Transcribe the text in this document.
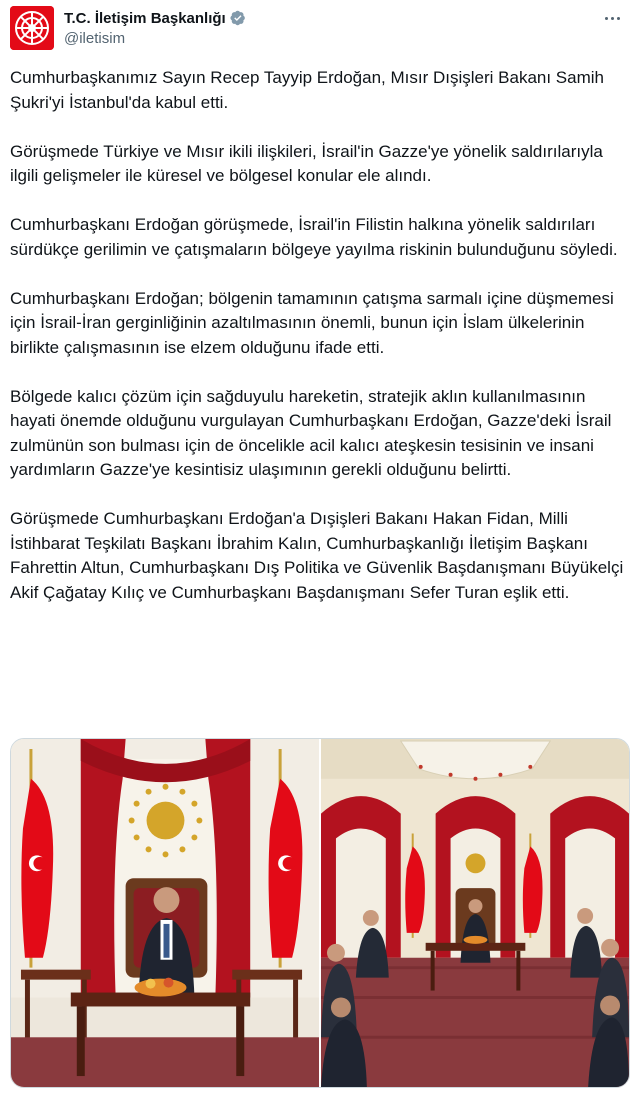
T.C. İletişim Başkanlığı
@iletisim

Cumhurbaşkanımız Sayın Recep Tayyip Erdoğan, Mısır Dışişleri Bakanı Samih Şukri'yi İstanbul'da kabul etti.

Görüşmede Türkiye ve Mısır ikili ilişkileri, İsrail'in Gazze'ye yönelik saldırılarıyla ilgili gelişmeler ile küresel ve bölgesel konular ele alındı.

Cumhurbaşkanı Erdoğan görüşmede, İsrail'in Filistin halkına yönelik saldırıları sürdükçe gerilimin ve çatışmaların bölgeye yayılma riskinin bulunduğunu söyledi.

Cumhurbaşkanı Erdoğan; bölgenin tamamının çatışma sarmalı içine düşmemesi için İsrail-İran gerginliğinin azaltılmasının önemli, bunun için İslam ülkelerinin birlikte çalışmasının ise elzem olduğunu ifade etti.

Bölgede kalıcı çözüm için sağduyulu hareketin, stratejik aklın kullanılmasının hayati önemde olduğunu vurgulayan Cumhurbaşkanı Erdoğan, Gazze'deki İsrail zulmünün son bulması için de öncelikle acil kalıcı ateşkesin tesisinin ve insani yardımların Gazze'ye kesintisiz ulaşımının gerekli olduğunu belirtti.

Görüşmede Cumhurbaşkanı Erdoğan'a Dışişleri Bakanı Hakan Fidan, Milli İstihbarat Teşkilatı Başkanı İbrahim Kalın, Cumhurbaşkanlığı İletişim Başkanı Fahrettin Altun, Cumhurbaşkanı Dış Politika ve Güvenlik Başdanışmanı Büyükelçi Akif Çağatay Kılıç ve Cumhurbaşkanı Başdanışmanı Sefer Turan eşlik etti.
